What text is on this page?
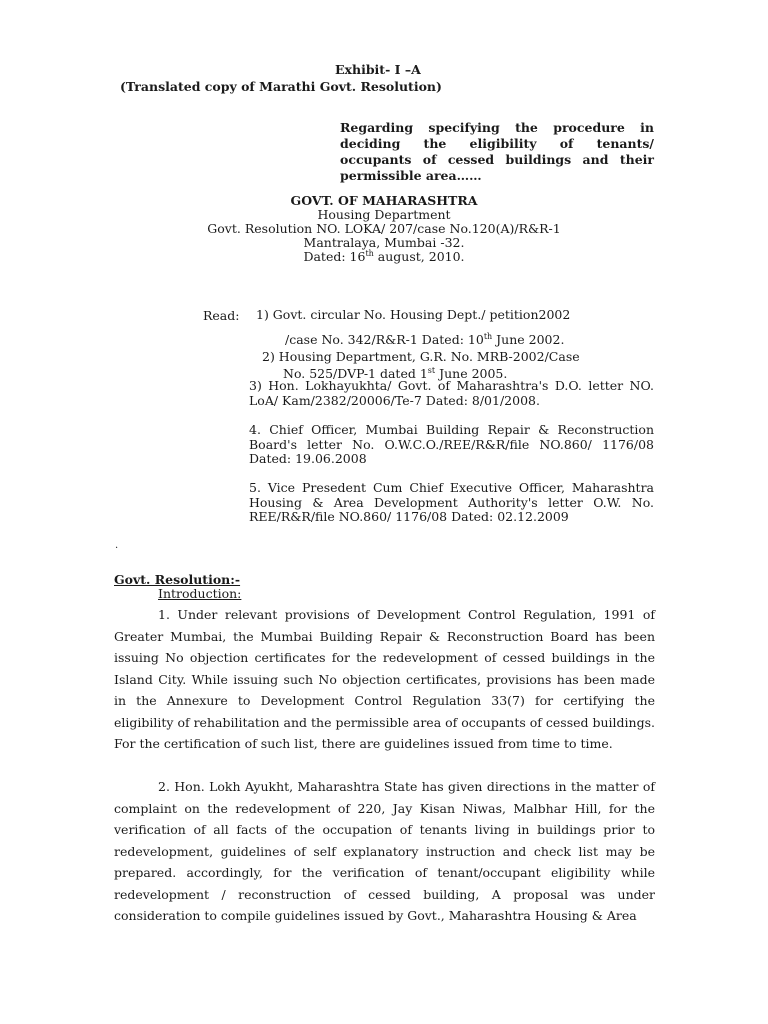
Exhibit- I –A
(Translated copy of Marathi Govt. Resolution)
Regarding specifying the procedure in deciding the eligibility of tenants/ occupants of cessed buildings and their permissible area……
GOVT. OF MAHARASHTRA
Housing Department
Govt. Resolution NO. LOKA/ 207/case No.120(A)/R&R-1
Mantralaya, Mumbai -32.
Dated: 16th august, 2010.
Read: 1) Govt. circular No. Housing Dept./ petition2002
/case No. 342/R&R-1 Dated: 10th June 2002.
2) Housing Department, G.R. No. MRB-2002/Case
No. 525/DVP-1 dated 1st June 2005.
3) Hon. Lokhayukhta/ Govt. of Maharashtra's D.O. letter NO. LoA/ Kam/2382/20006/Te-7 Dated: 8/01/2008.
4. Chief Officer, Mumbai Building Repair & Reconstruction Board's letter No. O.W.C.O./REE/R&R/file NO.860/ 1176/08 Dated: 19.06.2008
5. Vice Presedent Cum Chief Executive Officer, Maharashtra Housing & Area Development Authority's letter O.W. No. REE/R&R/file NO.860/ 1176/08 Dated: 02.12.2009
.
Govt. Resolution:-
Introduction:
1. Under relevant provisions of Development Control Regulation, 1991 of Greater Mumbai, the Mumbai Building Repair & Reconstruction Board has been issuing No objection certificates for the redevelopment of cessed buildings in the Island City. While issuing such No objection certificates, provisions has been made in the Annexure to Development Control Regulation 33(7) for certifying the eligibility of rehabilitation and the permissible area of occupants of cessed buildings. For the certification of such list, there are guidelines issued from time to time.
2. Hon. Lokh Ayukht, Maharashtra State has given directions in the matter of complaint on the redevelopment of 220, Jay Kisan Niwas, Malbhar Hill, for the verification of all facts of the occupation of tenants living in buildings prior to redevelopment, guidelines of self explanatory instruction and check list may be prepared. accordingly, for the verification of tenant/occupant eligibility while redevelopment / reconstruction of cessed building, A proposal was under consideration to compile guidelines issued by Govt., Maharashtra Housing & Area
